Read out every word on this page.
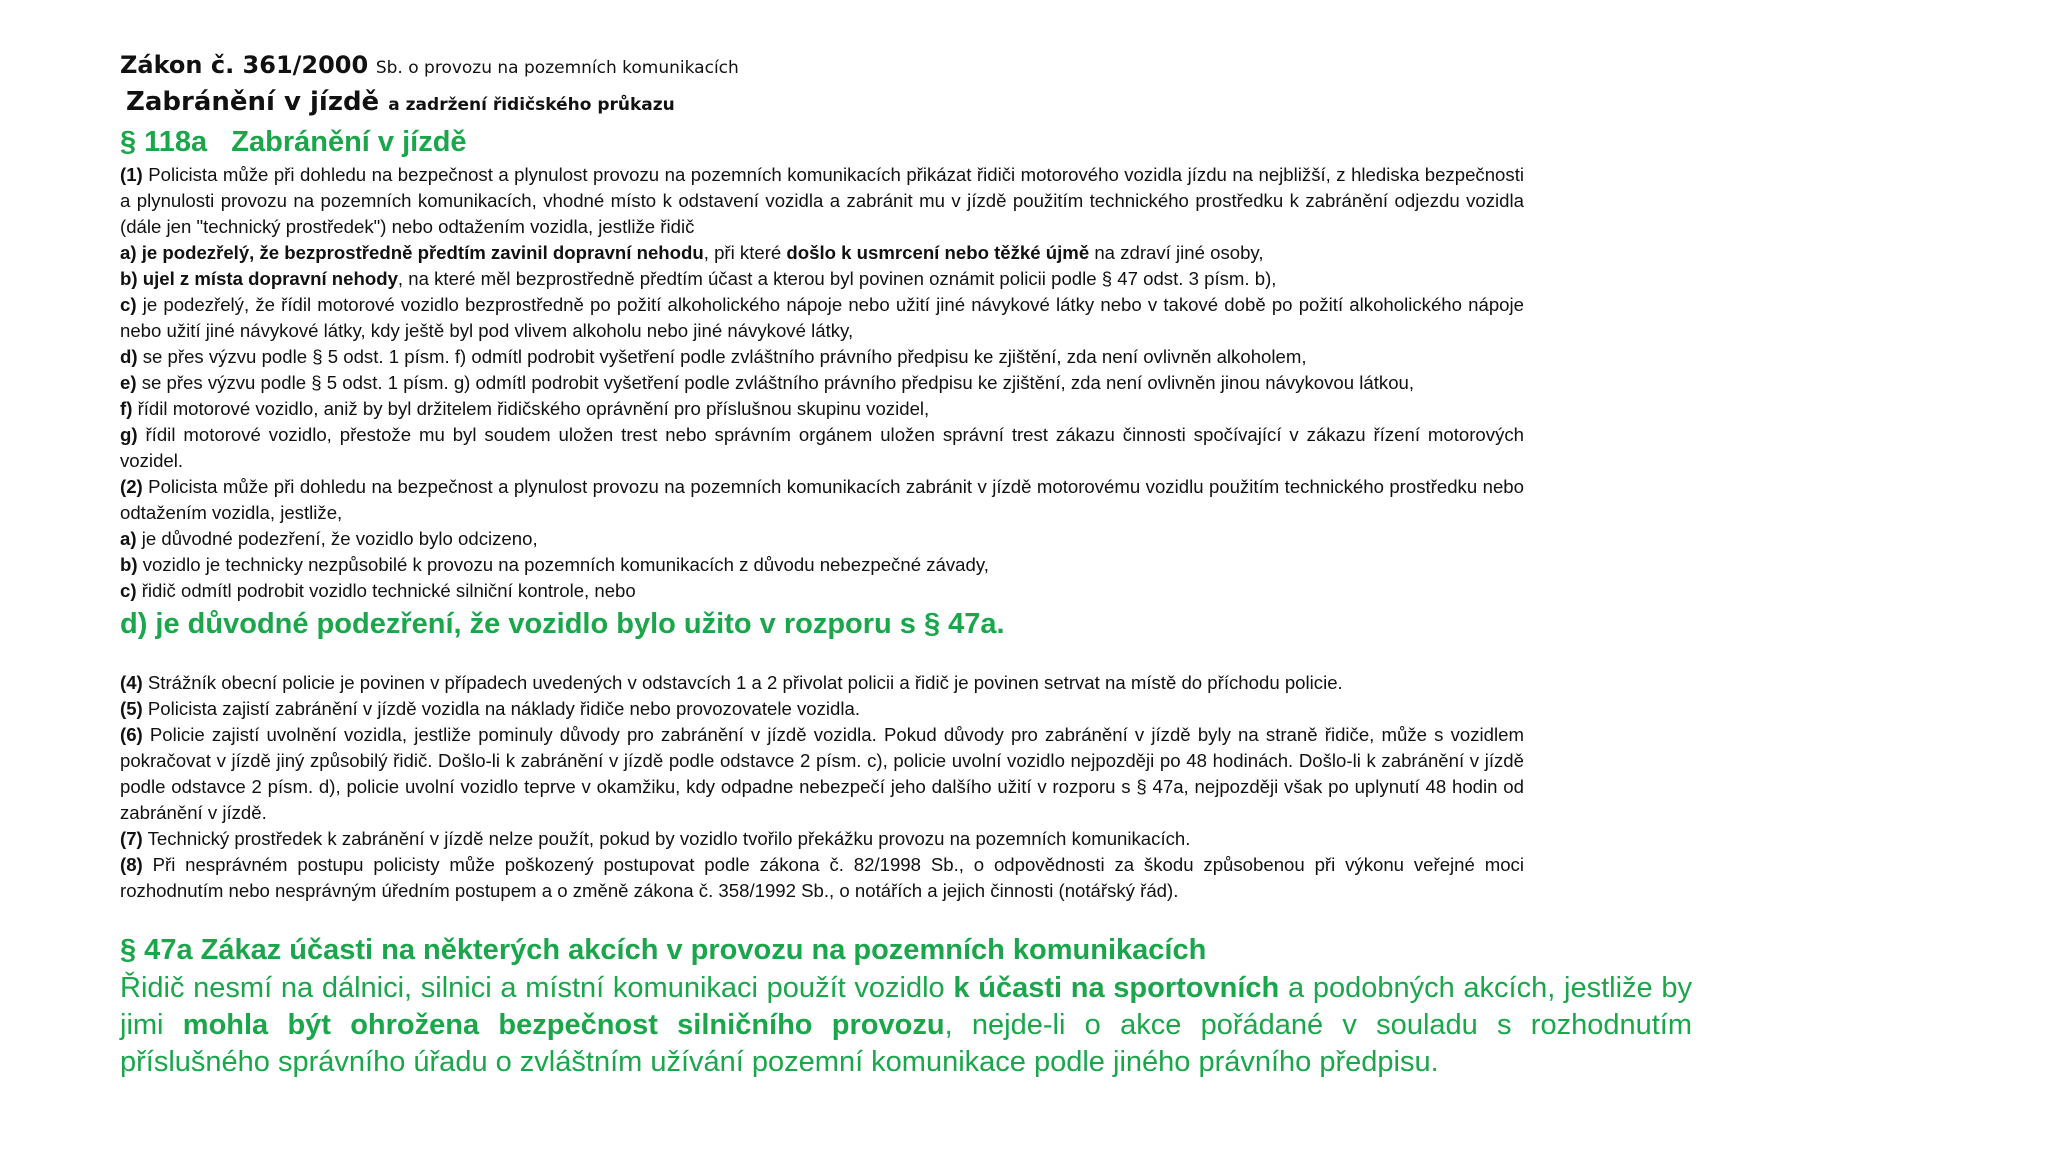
Zákon č. 361/2000 Sb. o provozu na pozemních komunikacích

Zabránění v jízdě a zadržení řidičského průkazu

§ 118a   Zabránění v jízdě

(1) Policista může při dohledu na bezpečnost a plynulost provozu na pozemních komunikacích přikázat řidiči motorového vozidla jízdu na nejbližší, z hlediska bezpečnosti a plynulosti provozu na pozemních komunikacích, vhodné místo k odstavení vozidla a zabránit mu v jízdě použitím technického prostředku k zabránění odjezdu vozidla (dále jen "technický prostředek") nebo odtažením vozidla, jestliže řidič

a) je podezřelý, že bezprostředně předtím zavinil dopravní nehodu, při které došlo k usmrcení nebo těžké újmě na zdraví jiné osoby,

b) ujel z místa dopravní nehody, na které měl bezprostředně předtím účast a kterou byl povinen oznámit policii podle § 47 odst. 3 písm. b),

c) je podezřelý, že řídil motorové vozidlo bezprostředně po požití alkoholického nápoje nebo užití jiné návykové látky nebo v takové době po požití alkoholického nápoje nebo užití jiné návykové látky, kdy ještě byl pod vlivem alkoholu nebo jiné návykové látky,

d) se přes výzvu podle § 5 odst. 1 písm. f) odmítl podrobit vyšetření podle zvláštního právního předpisu ke zjištění, zda není ovlivněn alkoholem,

e) se přes výzvu podle § 5 odst. 1 písm. g) odmítl podrobit vyšetření podle zvláštního právního předpisu ke zjištění, zda není ovlivněn jinou návykovou látkou,

f) řídil motorové vozidlo, aniž by byl držitelem řidičského oprávnění pro příslušnou skupinu vozidel,

g) řídil motorové vozidlo, přestože mu byl soudem uložen trest nebo správním orgánem uložen správní trest zákazu činnosti spočívající v zákazu řízení motorových vozidel.

(2) Policista může při dohledu na bezpečnost a plynulost provozu na pozemních komunikacích zabránit v jízdě motorovému vozidlu použitím technického prostředku nebo odtažením vozidla, jestliže,

a) je důvodné podezření, že vozidlo bylo odcizeno,

b) vozidlo je technicky nezpůsobilé k provozu na pozemních komunikacích z důvodu nebezpečné závady,

c) řidič odmítl podrobit vozidlo technické silniční kontrole, nebo

d) je důvodné podezření, že vozidlo bylo užito v rozporu s § 47a.

(4) Strážník obecní policie je povinen v případech uvedených v odstavcích 1 a 2 přivolat policii a řidič je povinen setrvat na místě do příchodu policie.

(5) Policista zajistí zabránění v jízdě vozidla na náklady řidiče nebo provozovatele vozidla.

(6) Policie zajistí uvolnění vozidla, jestliže pominuly důvody pro zabránění v jízdě vozidla. Pokud důvody pro zabránění v jízdě byly na straně řidiče, může s vozidlem pokračovat v jízdě jiný způsobilý řidič. Došlo-li k zabránění v jízdě podle odstavce 2 písm. c), policie uvolní vozidlo nejpozději po 48 hodinách. Došlo-li k zabránění v jízdě podle odstavce 2 písm. d), policie uvolní vozidlo teprve v okamžiku, kdy odpadne nebezpečí jeho dalšího užití v rozporu s § 47a, nejpozději však po uplynutí 48 hodin od zabránění v jízdě.

(7) Technický prostředek k zabránění v jízdě nelze použít, pokud by vozidlo tvořilo překážku provozu na pozemních komunikacích.

(8) Při nesprávném postupu policisty může poškozený postupovat podle zákona č. 82/1998 Sb., o odpovědnosti za škodu způsobenou při výkonu veřejné moci rozhodnutím nebo nesprávným úředním postupem a o změně zákona č. 358/1992 Sb., o notářích a jejich činnosti (notářský řád).

§ 47a Zákaz účasti na některých akcích v provozu na pozemních komunikacích

Řidič nesmí na dálnici, silnici a místní komunikaci použít vozidlo k účasti na sportovních a podobných akcích, jestliže by jimi mohla být ohrožena bezpečnost silničního provozu, nejde-li o akce pořádané v souladu s rozhodnutím příslušného správního úřadu o zvláštním užívání pozemní komunikace podle jiného právního předpisu.
